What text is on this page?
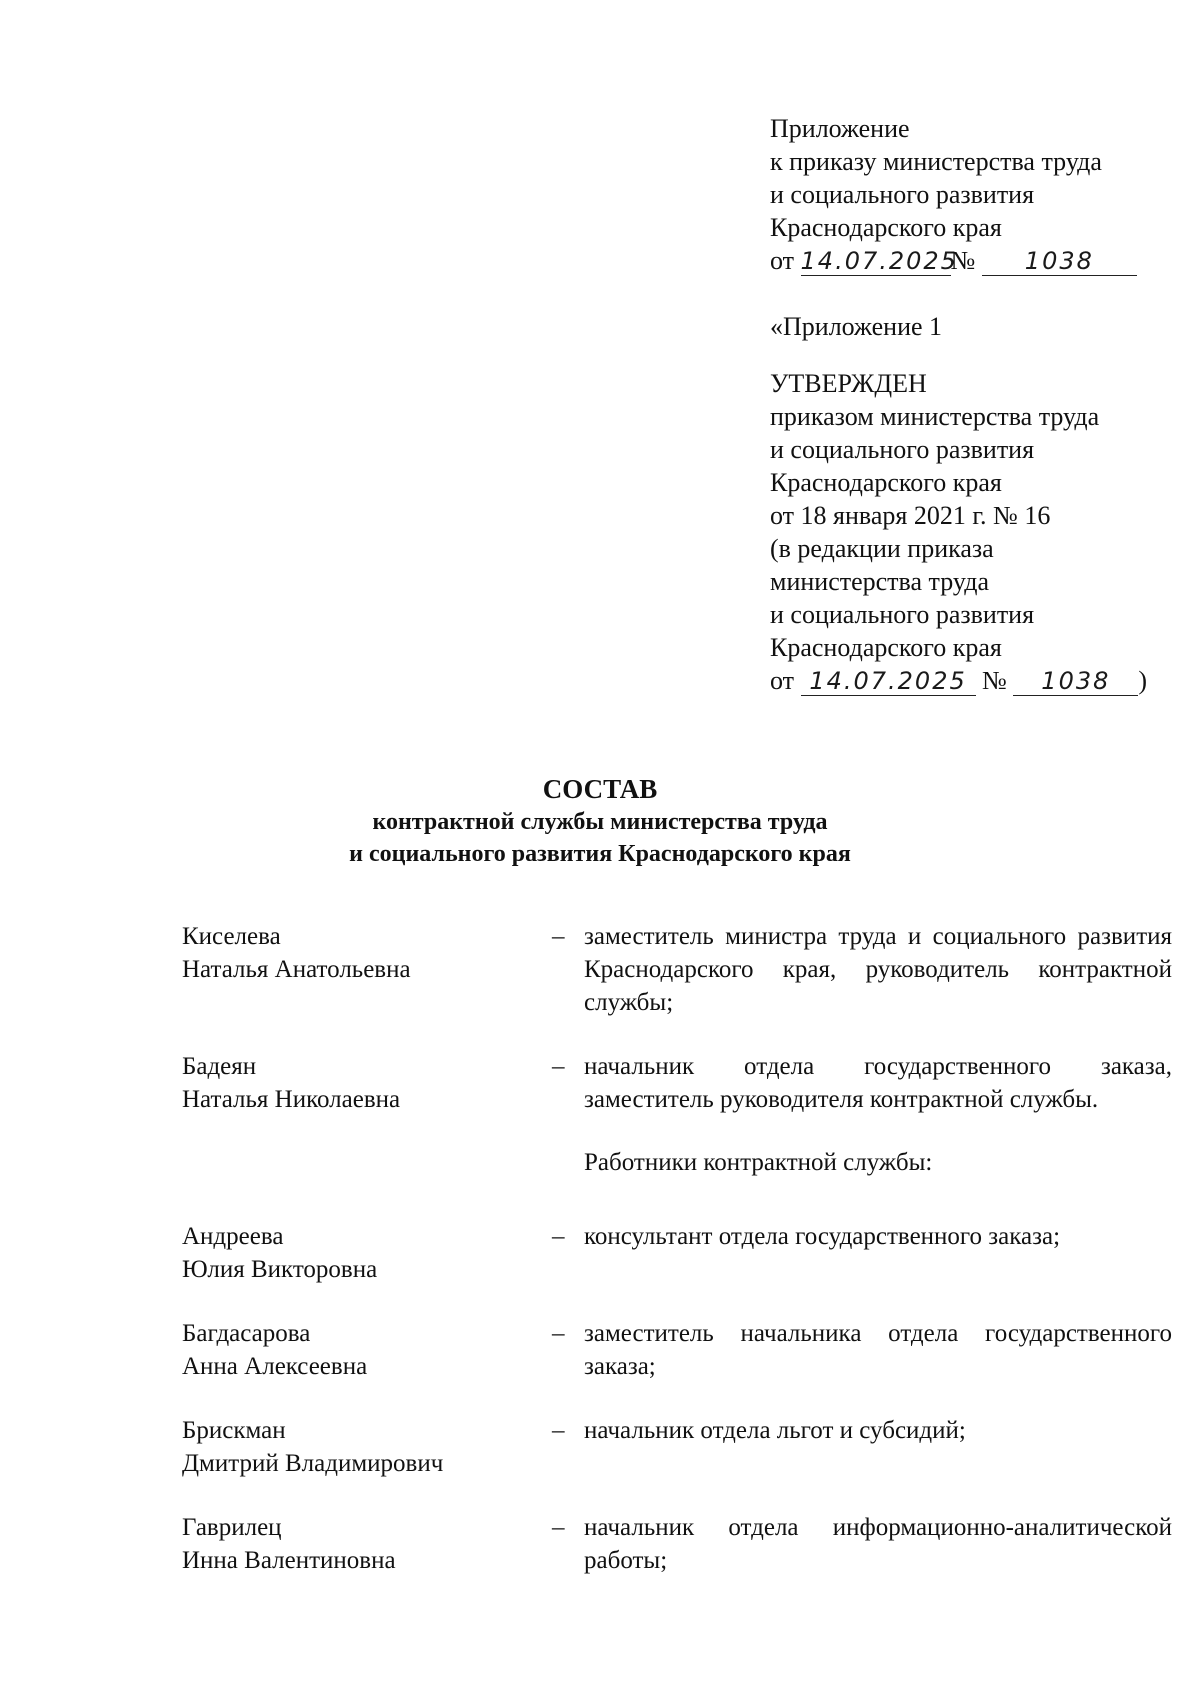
Приложение
к приказу министерства труда
и социального развития
Краснодарского края
от 14.07.2025№ 1038
«Приложение 1
УТВЕРЖДЕН
приказом министерства труда
и социального развития
Краснодарского края
от 18 января 2021 г. № 16
(в редакции приказа
министерства труда
и социального развития
Краснодарского края
от 14.07.2025 № 1038 )
СОСТАВ
контрактной службы министерства труда
и социального развития Краснодарского края
Киселева
Наталья Анатольевна
– заместитель министра труда и социального развития Краснодарского края, руководитель контрактной службы;
Бадеян
Наталья Николаевна
– начальник отдела государственного заказа, заместитель руководителя контрактной службы.
Работники контрактной службы:
Андреева
Юлия Викторовна
– консультант отдела государственного заказа;
Багдасарова
Анна Алексеевна
– заместитель начальника отдела государственного заказа;
Брискман
Дмитрий Владимирович
– начальник отдела льгот и субсидий;
Гаврилец
Инна Валентиновна
– начальник отдела информационно-аналитической работы;
